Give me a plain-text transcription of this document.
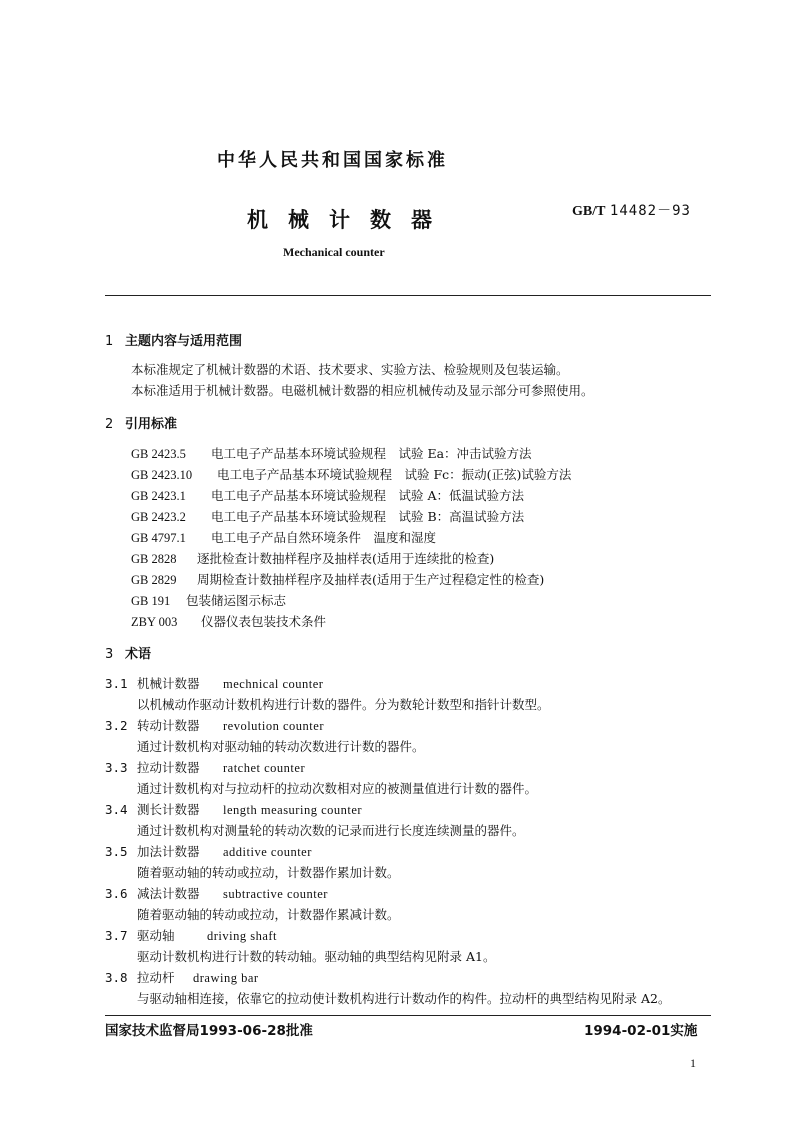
中华人民共和国国家标准
机械计数器	GB/T 14482－93
Mechanical counter
1 主题内容与适用范围
本标准规定了机械计数器的术语、技术要求、实验方法、检验规则及包装运输。
本标准适用于机械计数器。电磁机械计数器的相应机械传动及显示部分可参照使用。
2 引用标准
GB 2423.5 电工电子产品基本环境试验规程　试验 Ea：冲击试验方法
GB 2423.10 电工电子产品基本环境试验规程　试验 Fc：振动(正弦)试验方法
GB 2423.1 电工电子产品基本环境试验规程　试验 A：低温试验方法
GB 2423.2 电工电子产品基本环境试验规程　试验 B：高温试验方法
GB 4797.1 电工电子产品自然环境条件　温度和湿度
GB 2828 逐批检查计数抽样程序及抽样表(适用于连续批的检查)
GB 2829 周期检查计数抽样程序及抽样表(适用于生产过程稳定性的检查)
GB 191 包装储运图示标志
ZBY 003 仪器仪表包装技术条件
3 术语
3.1 机械计数器 mechnical counter
以机械动作驱动计数机构进行计数的器件。分为数轮计数型和指针计数型。
3.2 转动计数器 revolution counter
通过计数机构对驱动轴的转动次数进行计数的器件。
3.3 拉动计数器 ratchet counter
通过计数机构对与拉动杆的拉动次数相对应的被测量值进行计数的器件。
3.4 测长计数器 length measuring counter
通过计数机构对测量轮的转动次数的记录而进行长度连续测量的器件。
3.5 加法计数器 additive counter
随着驱动轴的转动或拉动，计数器作累加计数。
3.6 减法计数器 subtractive counter
随着驱动轴的转动或拉动，计数器作累减计数。
3.7 驱动轴	driving shaft
驱动计数机构进行计数的转动轴。驱动轴的典型结构见附录 A1。
3.8 拉动杆 drawing bar
与驱动轴相连接，依靠它的拉动使计数机构进行计数动作的构件。拉动杆的典型结构见附录 A2。
国家技术监督局1993-06-28批准	1994-02-01实施
1
